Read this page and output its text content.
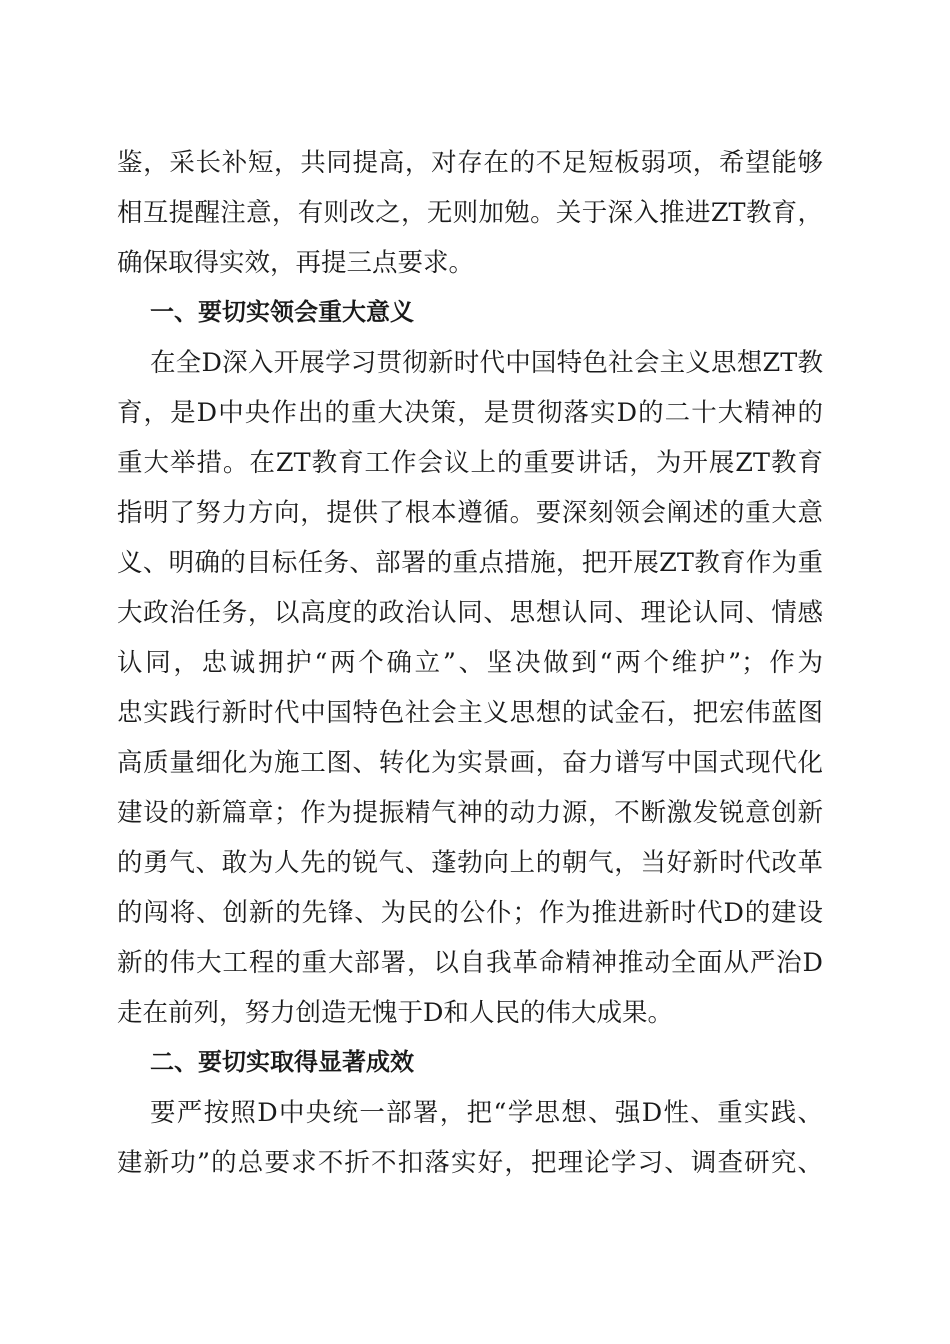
鉴，采长补短，共同提高，对存在的不足短板弱项，希望能够
相互提醒注意，有则改之，无则加勉。关于深入推进ZT教育，
确保取得实效，再提三点要求。
一、要切实领会重大意义
在全D深入开展学习贯彻新时代中国特色社会主义思想ZT教
育，是D中央作出的重大决策，是贯彻落实D的二十大精神的
重大举措。在ZT教育工作会议上的重要讲话，为开展ZT教育
指明了努力方向，提供了根本遵循。要深刻领会阐述的重大意
义、明确的目标任务、部署的重点措施，把开展ZT教育作为重
大政治任务，以高度的政治认同、思想认同、理论认同、情感
认同，忠诚拥护“两个确立”、坚决做到“两个维护”；作为
忠实践行新时代中国特色社会主义思想的试金石，把宏伟蓝图
高质量细化为施工图、转化为实景画，奋力谱写中国式现代化
建设的新篇章；作为提振精气神的动力源，不断激发锐意创新
的勇气、敢为人先的锐气、蓬勃向上的朝气，当好新时代改革
的闯将、创新的先锋、为民的公仆；作为推进新时代D的建设
新的伟大工程的重大部署，以自我革命精神推动全面从严治D
走在前列，努力创造无愧于D和人民的伟大成果。
二、要切实取得显著成效
要严按照D中央统一部署，把“学思想、强D性、重实践、
建新功”的总要求不折不扣落实好，把理论学习、调查研究、
